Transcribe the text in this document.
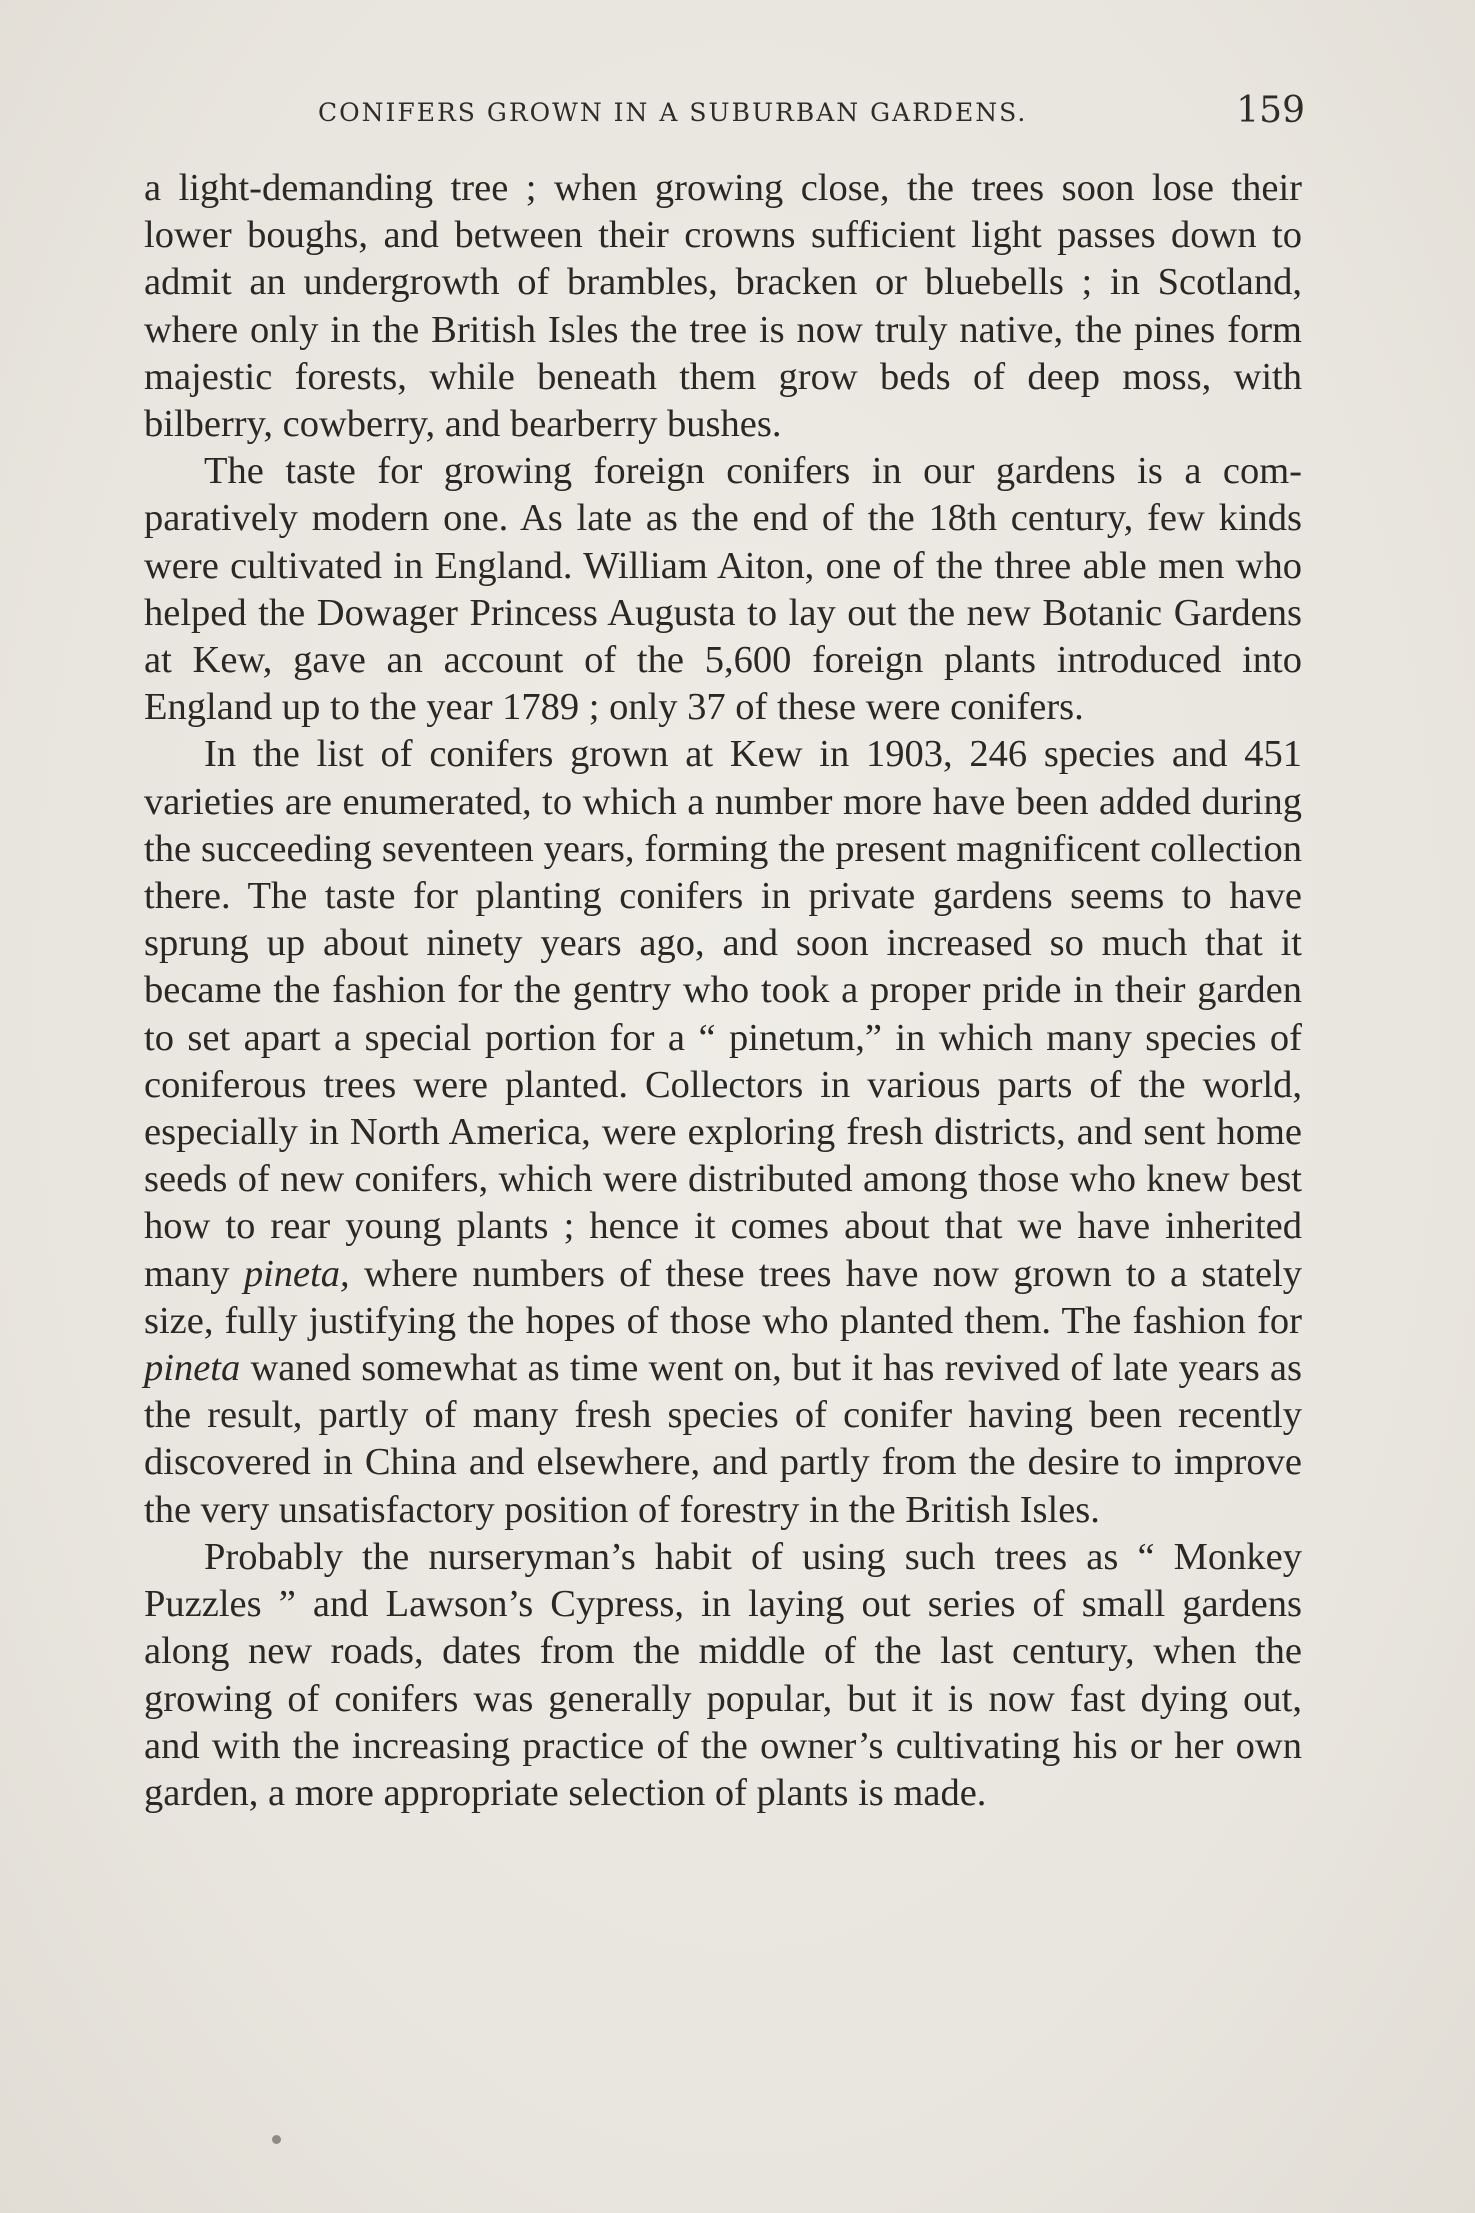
CONIFERS GROWN IN A SUBURBAN GARDENS.	159

a light-demanding tree ; when growing close, the trees soon lose their lower boughs, and between their crowns sufficient light passes down to admit an undergrowth of brambles, bracken or bluebells ; in Scotland, where only in the British Isles the tree is now truly native, the pines form majestic forests, while beneath them grow beds of deep moss, with bilberry, cowberry, and bearberry bushes.

The taste for growing foreign conifers in our gardens is a comparatively modern one. As late as the end of the 18th century, few kinds were cultivated in England. William Aiton, one of the three able men who helped the Dowager Princess Augusta to lay out the new Botanic Gardens at Kew, gave an account of the 5,600 foreign plants introduced into England up to the year 1789 ; only 37 of these were conifers.

In the list of conifers grown at Kew in 1903, 246 species and 451 varieties are enumerated, to which a number more have been added during the succeeding seventeen years, forming the present magnificent collection there. The taste for planting conifers in private gardens seems to have sprung up about ninety years ago, and soon increased so much that it became the fashion for the gentry who took a proper pride in their garden to set apart a special portion for a “ pinetum,” in which many species of coniferous trees were planted. Collectors in various parts of the world, especially in North America, were exploring fresh districts, and sent home seeds of new conifers, which were distributed among those who knew best how to rear young plants ; hence it comes about that we have inherited many pineta, where numbers of these trees have now grown to a stately size, fully justifying the hopes of those who planted them. The fashion for pineta waned somewhat as time went on, but it has revived of late years as the result, partly of many fresh species of conifer having been recently discovered in China and elsewhere, and partly from the desire to improve the very unsatisfactory position of forestry in the British Isles.

Probably the nurseryman’s habit of using such trees as “ Monkey Puzzles ” and Lawson’s Cypress, in laying out series of small gardens along new roads, dates from the middle of the last century, when the growing of conifers was generally popular, but it is now fast dying out, and with the increasing practice of the owner’s cultivating his or her own garden, a more appropriate selection of plants is made.
